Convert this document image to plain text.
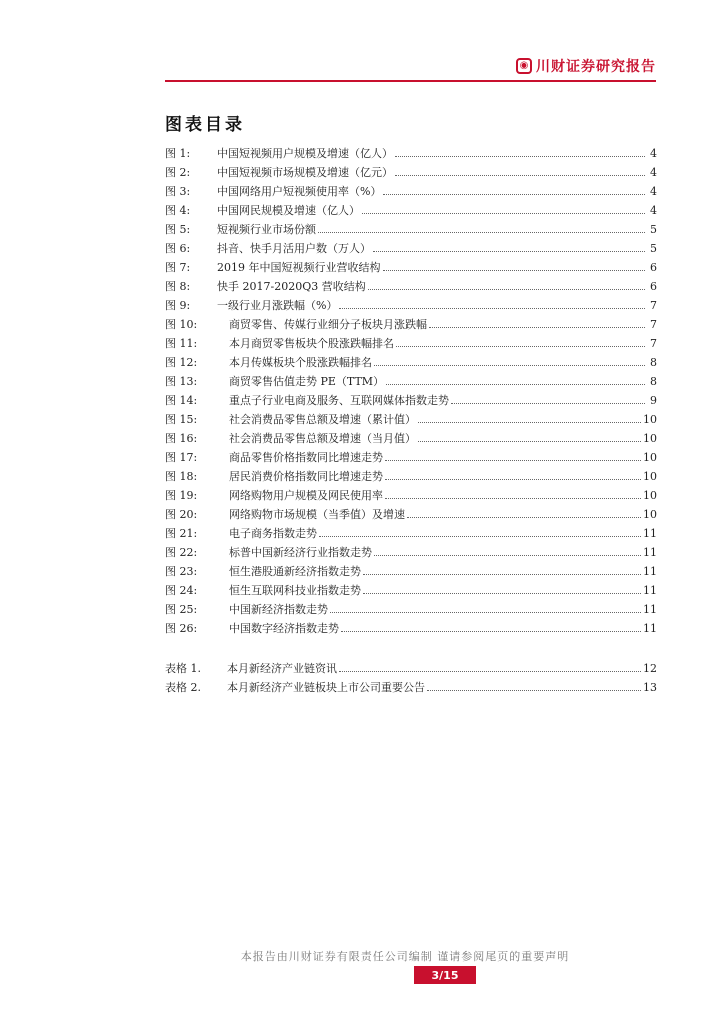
◉ 川财证券研究报告
图表目录
图 1:	中国短视频用户规模及增速（亿人）	4
图 2:	中国短视频市场规模及增速（亿元）	4
图 3:	中国网络用户短视频使用率（%）	4
图 4:	中国网民规模及增速（亿人）	4
图 5:	短视频行业市场份额	5
图 6:	抖音、快手月活用户数（万人）	5
图 7:	2019 年中国短视频行业营收结构	6
图 8:	快手 2017-2020Q3 营收结构	6
图 9:	一级行业月涨跌幅（%）	7
图 10:	商贸零售、传媒行业细分子板块月涨跌幅	7
图 11:	本月商贸零售板块个股涨跌幅排名	7
图 12:	本月传媒板块个股涨跌幅排名	8
图 13:	商贸零售估值走势 PE（TTM）	8
图 14:	重点子行业电商及服务、互联网媒体指数走势	9
图 15:	社会消费品零售总额及增速（累计值）	10
图 16:	社会消费品零售总额及增速（当月值）	10
图 17:	商品零售价格指数同比增速走势	10
图 18:	居民消费价格指数同比增速走势	10
图 19:	网络购物用户规模及网民使用率	10
图 20:	网络购物市场规模（当季值）及增速	10
图 21:	电子商务指数走势	11
图 22:	标普中国新经济行业指数走势	11
图 23:	恒生港股通新经济指数走势	11
图 24:	恒生互联网科技业指数走势	11
图 25:	中国新经济指数走势	11
图 26:	中国数字经济指数走势	11
表格 1.	本月新经济产业链资讯	12
表格 2.	本月新经济产业链板块上市公司重要公告	13
本报告由川财证券有限责任公司编制 谨请参阅尾页的重要声明
3/15
